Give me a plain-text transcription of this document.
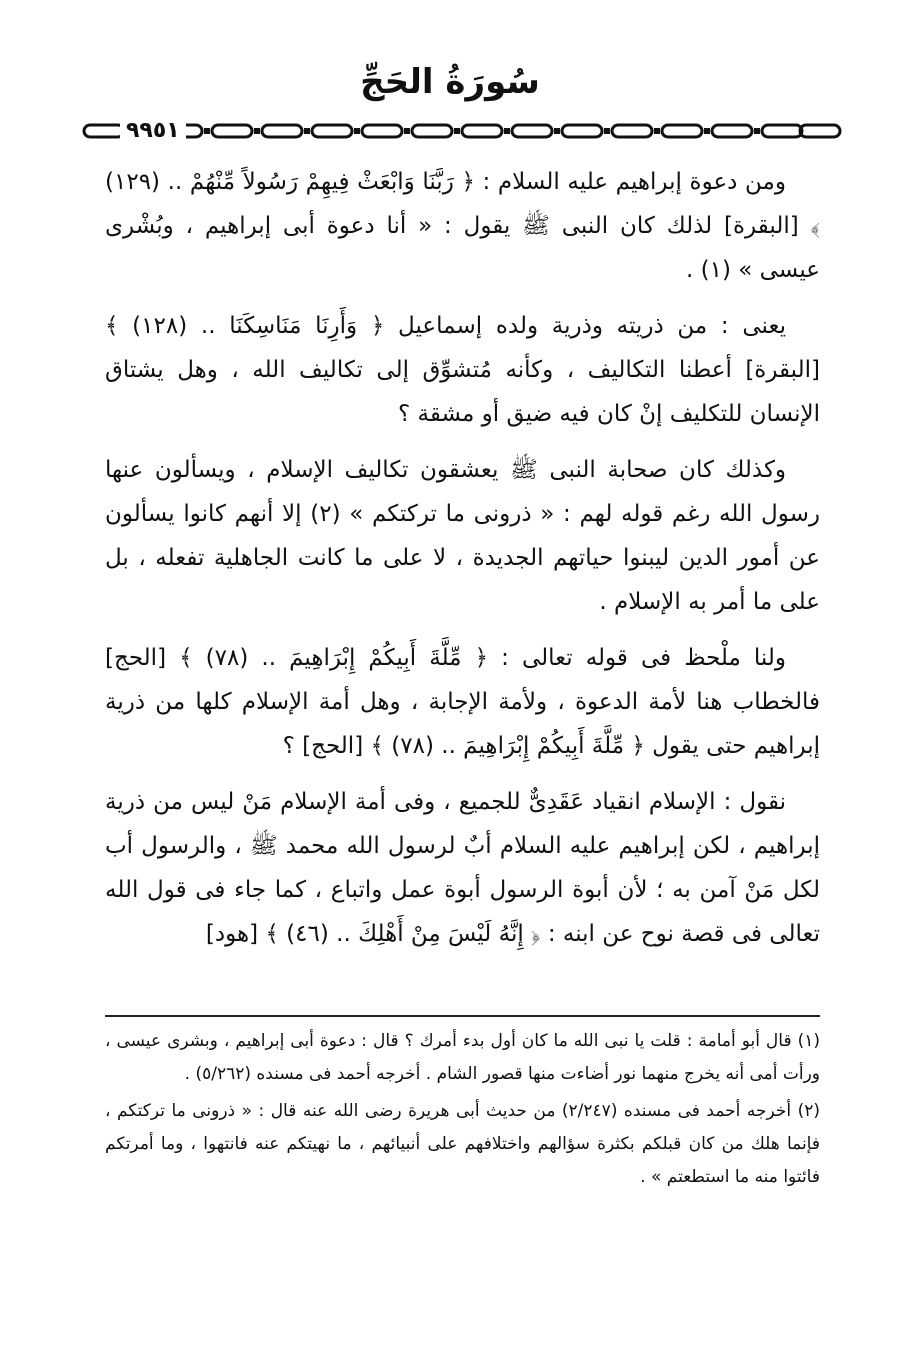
سُورَةُ الحَجِّ
٩٩٥١

ومن دعوة إبراهيم عليه السلام : ﴿ رَبَّنَا وَابْعَثْ فِيهِمْ رَسُولاً مِّنْهُمْ .. (١٢٩) ﴾ [البقرة] لذلك كان النبى ﷺ يقول : « أنا دعوة أبى إبراهيم ، وبُشْرى عيسى » (١) .

يعنى : من ذريته وذرية ولده إسماعيل ﴿ وَأَرِنَا مَنَاسِكَنَا .. (١٢٨) ﴾ [البقرة] أعطنا التكاليف ، وكأنه مُتشوِّق إلى تكاليف الله ، وهل يشتاق الإنسان للتكليف إنْ كان فيه ضيق أو مشقة ؟

وكذلك كان صحابة النبى ﷺ يعشقون تكاليف الإسلام ، ويسألون عنها رسول الله رغم قوله لهم : « ذرونى ما تركتكم » (٢) إلا أنهم كانوا يسألون عن أمور الدين ليبنوا حياتهم الجديدة ، لا على ما كانت الجاهلية تفعله ، بل على ما أمر به الإسلام .

ولنا ملْحظ فى قوله تعالى : ﴿ مِّلَّةَ أَبِيكُمْ إِبْرَاهِيمَ .. (٧٨) ﴾ [الحج] فالخطاب هنا لأمة الدعوة ، ولأمة الإجابة ، وهل أمة الإسلام كلها من ذرية إبراهيم حتى يقول ﴿ مِّلَّةَ أَبِيكُمْ إِبْرَاهِيمَ .. (٧٨) ﴾ [الحج] ؟

نقول : الإسلام انقياد عَقَدِىٌّ للجميع ، وفى أمة الإسلام مَنْ ليس من ذرية إبراهيم ، لكن إبراهيم عليه السلام أبٌ لرسول الله محمد ﷺ ، والرسول أب لكل مَنْ آمن به ؛ لأن أبوة الرسول أبوة عمل واتباع ، كما جاء فى قول الله تعالى فى قصة نوح عن ابنه : ﴿ إِنَّهُ لَيْسَ مِنْ أَهْلِكَ .. (٤٦) ﴾ [هود]

(١) قال أبو أمامة : قلت يا نبى الله ما كان أول بدء أمرك ؟ قال : دعوة أبى إبراهيم ، وبشرى عيسى ، ورأت أمى أنه يخرج منهما نور أضاءت منها قصور الشام . أخرجه أحمد فى مسنده (٥/٢٦٢) .

(٢) أخرجه أحمد فى مسنده (٢/٢٤٧) من حديث أبى هريرة رضى الله عنه قال : « ذرونى ما تركتكم ، فإنما هلك من كان قبلكم بكثرة سؤالهم واختلافهم على أنبيائهم ، ما نهيتكم عنه فانتهوا ، وما أمرتكم فائتوا منه ما استطعتم » .
